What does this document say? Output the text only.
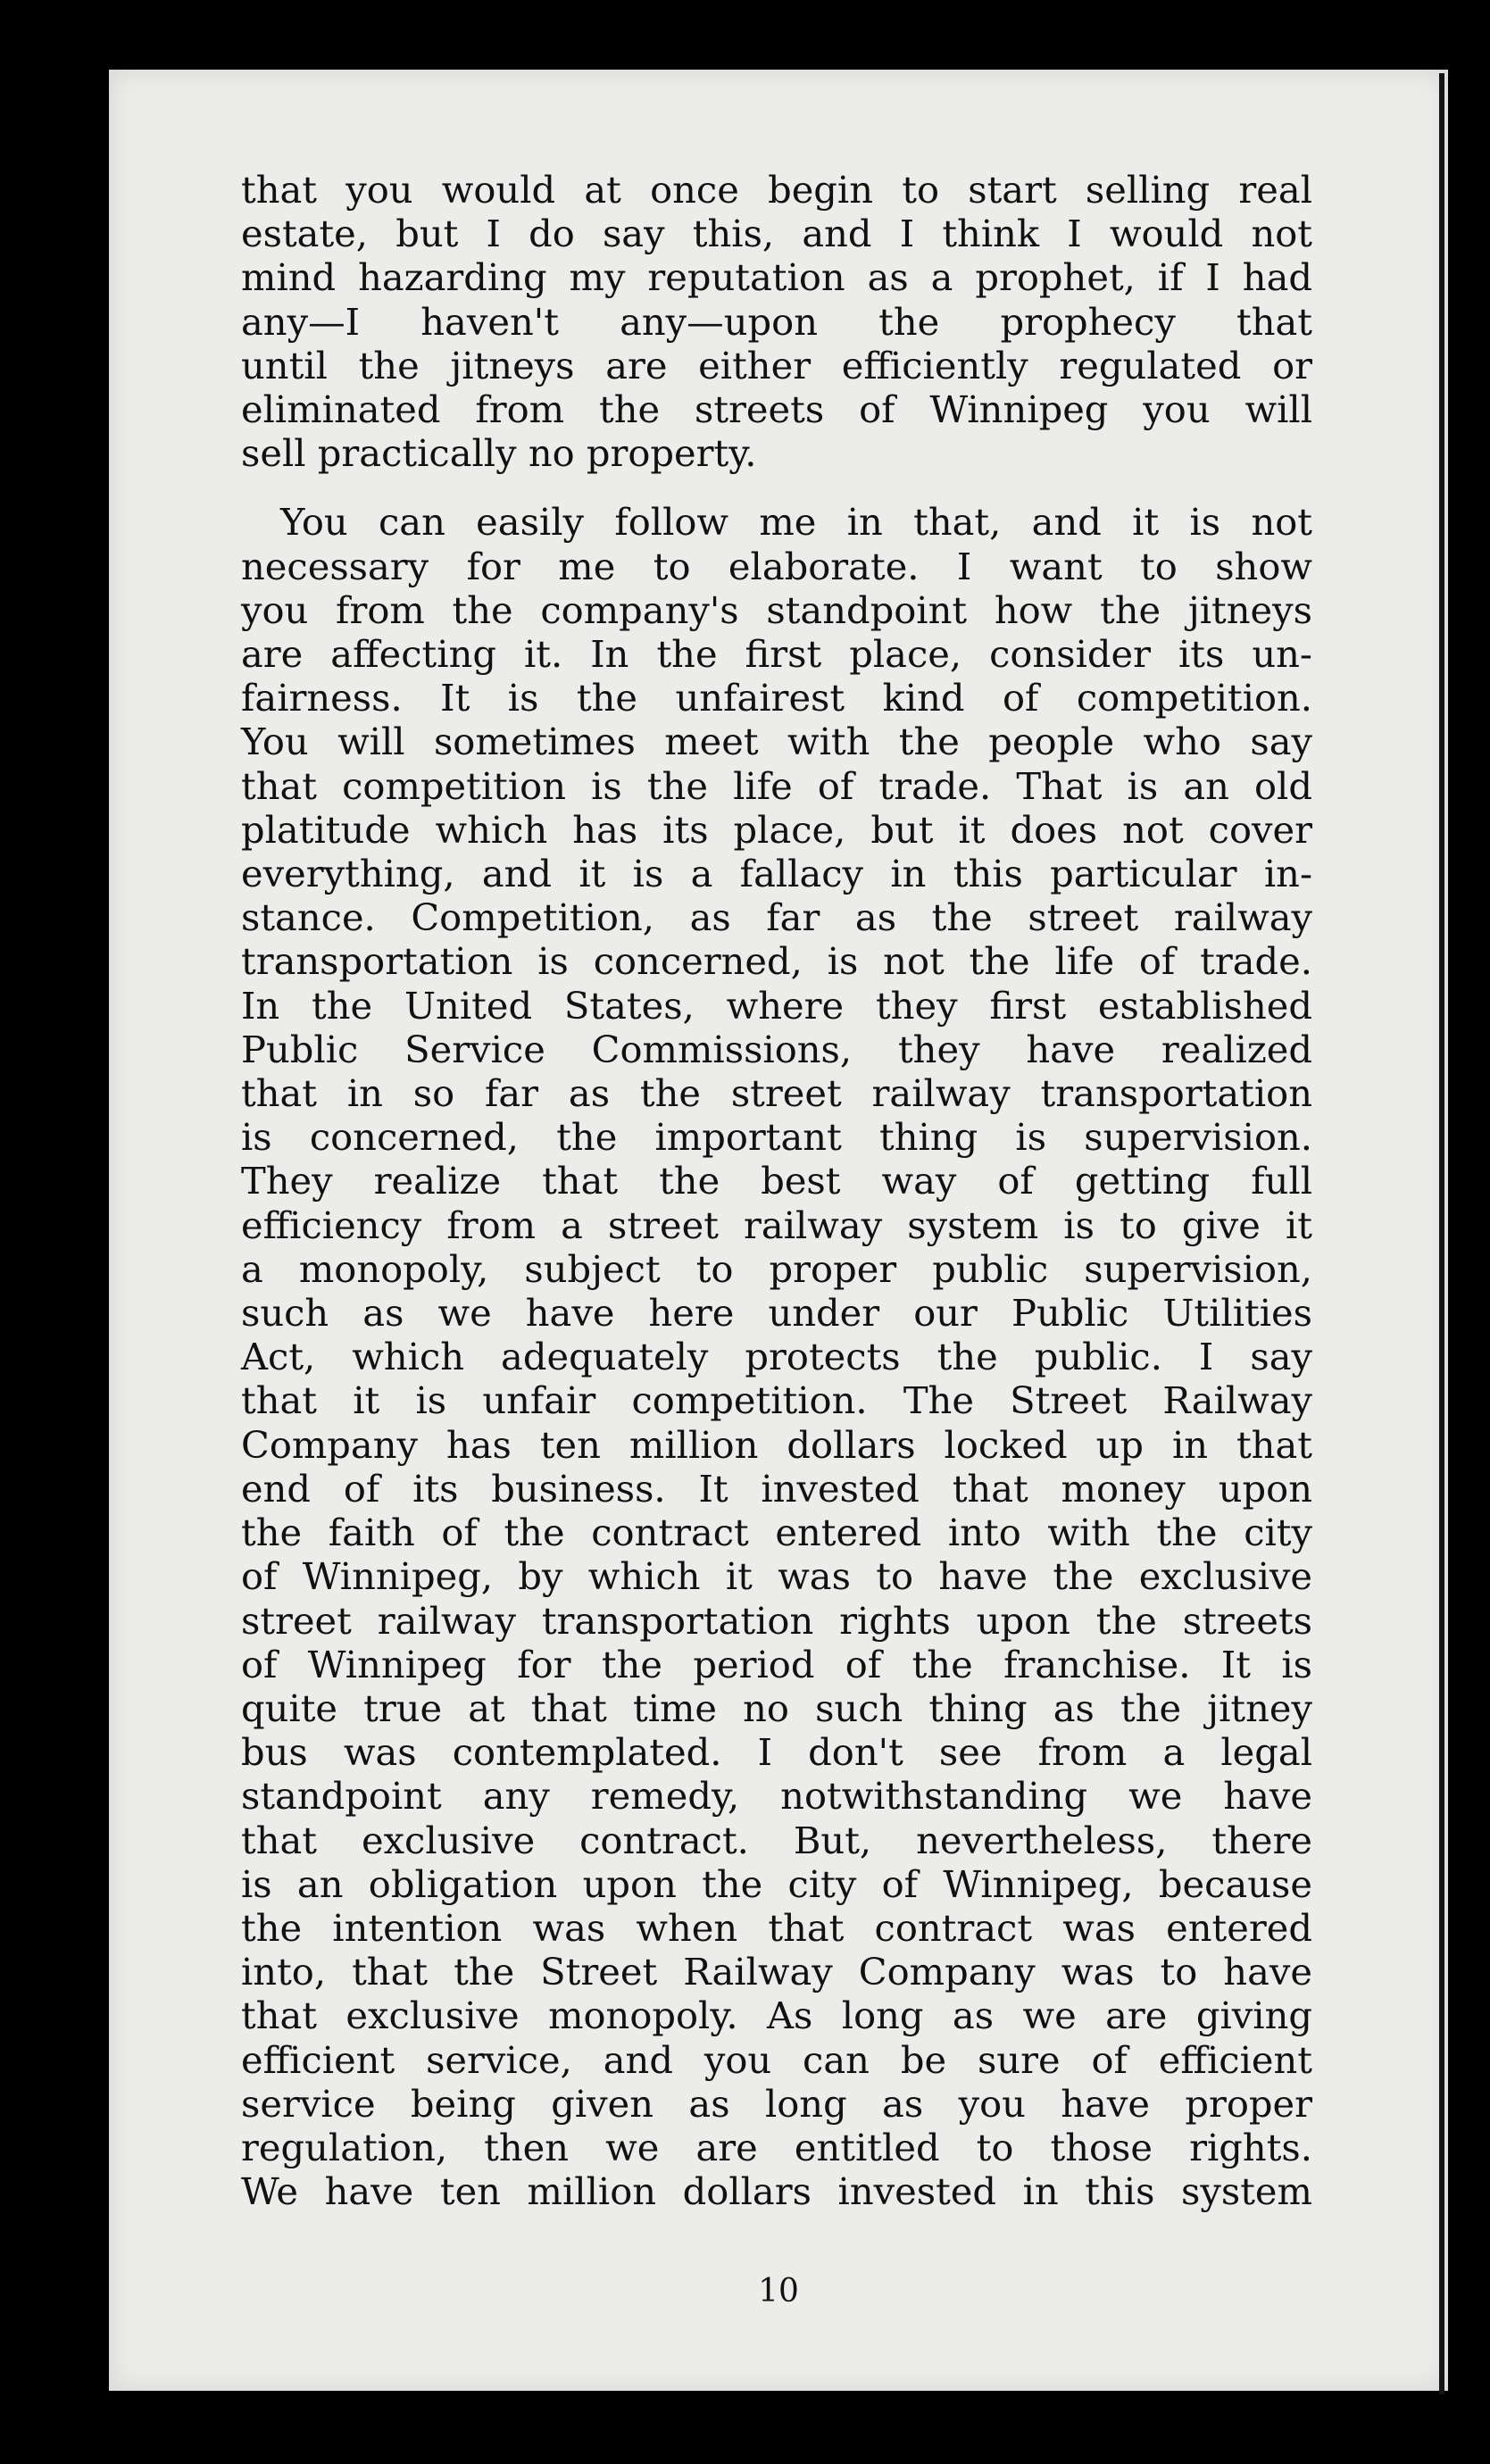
that you would at once begin to start selling real
estate, but I do say this, and I think I would not
mind hazarding my reputation as a prophet, if I had
any—I haven't any—upon the prophecy that
until the jitneys are either efficiently regulated or
eliminated from the streets of Winnipeg you will
sell practically no property.
You can easily follow me in that, and it is not
necessary for me to elaborate. I want to show
you from the company's standpoint how the jitneys
are affecting it. In the first place, consider its un-
fairness. It is the unfairest kind of competition.
You will sometimes meet with the people who say
that competition is the life of trade. That is an old
platitude which has its place, but it does not cover
everything, and it is a fallacy in this particular in-
stance. Competition, as far as the street railway
transportation is concerned, is not the life of trade.
In the United States, where they first established
Public Service Commissions, they have realized
that in so far as the street railway transportation
is concerned, the important thing is supervision.
They realize that the best way of getting full
efficiency from a street railway system is to give it
a monopoly, subject to proper public supervision,
such as we have here under our Public Utilities
Act, which adequately protects the public. I say
that it is unfair competition. The Street Railway
Company has ten million dollars locked up in that
end of its business. It invested that money upon
the faith of the contract entered into with the city
of Winnipeg, by which it was to have the exclusive
street railway transportation rights upon the streets
of Winnipeg for the period of the franchise. It is
quite true at that time no such thing as the jitney
bus was contemplated. I don't see from a legal
standpoint any remedy, notwithstanding we have
that exclusive contract. But, nevertheless, there
is an obligation upon the city of Winnipeg, because
the intention was when that contract was entered
into, that the Street Railway Company was to have
that exclusive monopoly. As long as we are giving
efficient service, and you can be sure of efficient
service being given as long as you have proper
regulation, then we are entitled to those rights.
We have ten million dollars invested in this system
10
